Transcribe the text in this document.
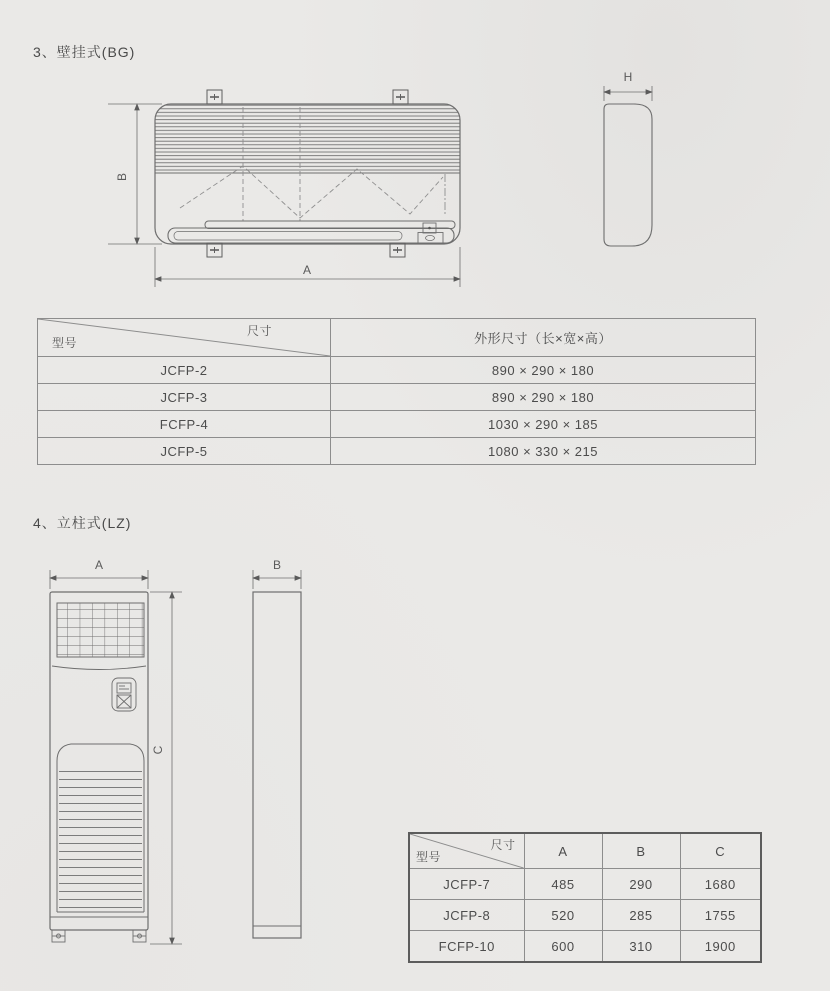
3、壁挂式(BG)
B
A
H
尺寸
型号	外形尺寸（长×宽×高）
JCFP-2	890 × 290 × 180
JCFP-3	890 × 290 × 180
FCFP-4	1030 × 290 × 185
JCFP-5	1080 × 330 × 215
4、立柱式(LZ)
A
C
B
尺寸
型号	A	B	C
JCFP-7	485	290	1680
JCFP-8	520	285	1755
FCFP-10	600	310	1900
